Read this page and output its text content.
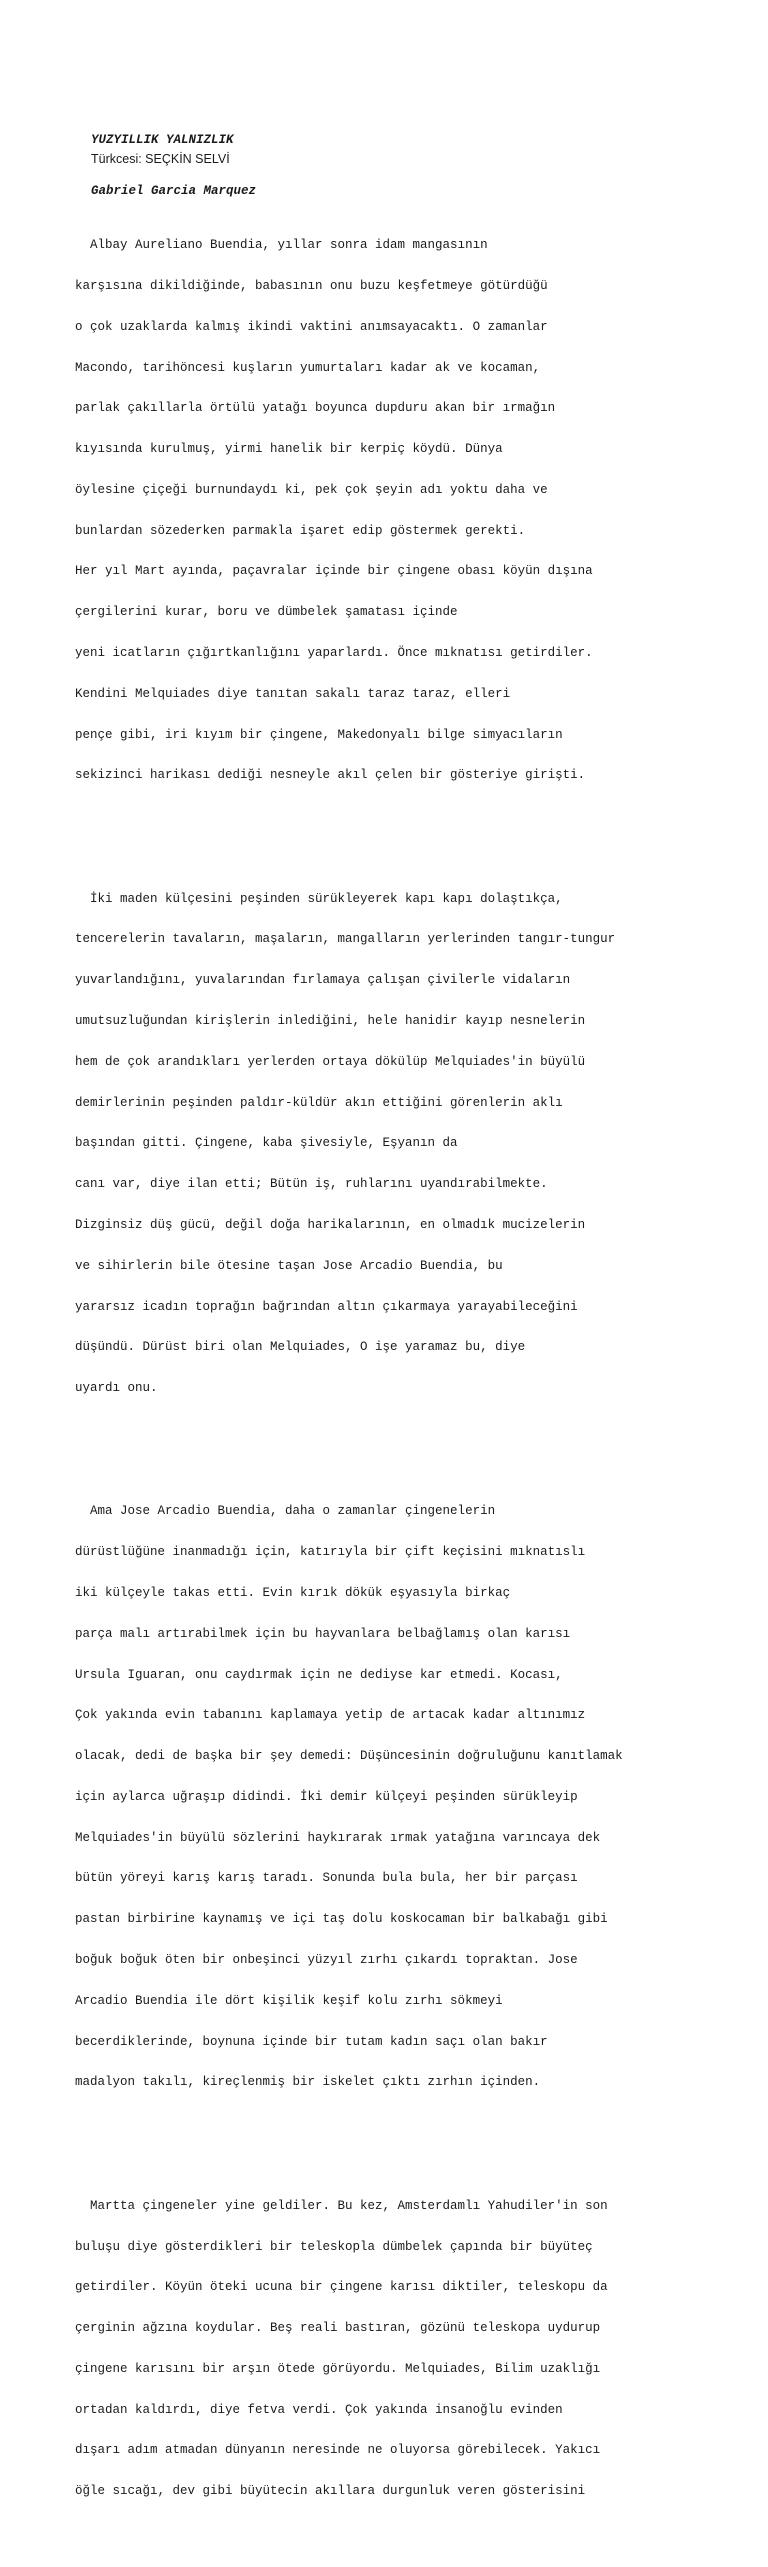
YUZYILLIK YALNIZLIK

Gabriel Garcia Marquez

Türkcesi: SEÇKİN SELVİ

Albay Aureliano Buendia, yıllar sonra idam mangasının

karşısına dikildiğinde, babasının onu buzu keşfetmeye götürdüğü

o çok uzaklarda kalmış ikindi vaktini anımsayacaktı. O zamanlar

Macondo, tarihöncesi kuşların yumurtaları kadar ak ve kocaman,

parlak çakıllarla örtülü yatağı boyunca dupduru akan bir ırmağın

kıyısında kurulmuş, yirmi hanelik bir kerpiç köydü. Dünya

öylesine çiçeği burnundaydı ki, pek çok şeyin adı yoktu daha ve

bunlardan sözederken parmakla işaret edip göstermek gerekti.

Her yıl Mart ayında, paçavralar içinde bir çingene obası köyün dışına

çergilerini kurar, boru ve dümbelek şamatası içinde

yeni icatların çığırtkanlığını yaparlardı. Önce mıknatısı getirdiler.

Kendini Melquiades diye tanıtan sakalı taraz taraz, elleri

pençe gibi, iri kıyım bir çingene, Makedonyalı bilge simyacıların

sekizinci harikası dediği nesneyle akıl çelen bir gösteriye girişti.

İki maden külçesini peşinden sürükleyerek kapı kapı dolaştıkça,

tencerelerin tavaların, maşaların, mangalların yerlerinden tangır-tungur

yuvarlandığını, yuvalarından fırlamaya çalışan çivilerle vidaların

umutsuzluğundan kirişlerin inlediğini, hele hanidir kayıp nesnelerin

hem de çok arandıkları yerlerden ortaya dökülüp Melquiades'in büyülü

demirlerinin peşinden paldır-küldür akın ettiğini görenlerin aklı

başından gitti. Çingene, kaba şivesiyle, Eşyanın da

canı var, diye ilan etti; Bütün iş, ruhlarını uyandırabilmekte.

Dizginsiz düş gücü, değil doğa harikalarının, en olmadık mucizelerin

ve sihirlerin bile ötesine taşan Jose Arcadio Buendia, bu

yararsız icadın toprağın bağrından altın çıkarmaya yarayabileceğini

düşündü. Dürüst biri olan Melquiades, O işe yaramaz bu, diye

uyardı onu.

Ama Jose Arcadio Buendia, daha o zamanlar çingenelerin

dürüstlüğüne inanmadığı için, katırıyla bir çift keçisini mıknatıslı

iki külçeyle takas etti. Evin kırık dökük eşyasıyla birkaç

parça malı artırabilmek için bu hayvanlara belbağlamış olan karısı

Ursula Iguaran, onu caydırmak için ne dediyse kar etmedi. Kocası,

Çok yakında evin tabanını kaplamaya yetip de artacak kadar altınımız

olacak, dedi de başka bir şey demedi: Düşüncesinin doğruluğunu kanıtlamak

için aylarca uğraşıp didindi. İki demir külçeyi peşinden sürükleyip

Melquiades'in büyülü sözlerini haykırarak ırmak yatağına varıncaya dek

bütün yöreyi karış karış taradı. Sonunda bula bula, her bir parçası

pastan birbirine kaynamış ve içi taş dolu koskocaman bir balkabağı gibi

boğuk boğuk öten bir onbeşinci yüzyıl zırhı çıkardı topraktan. Jose

Arcadio Buendia ile dört kişilik keşif kolu zırhı sökmeyi

becerdiklerinde, boynuna içinde bir tutam kadın saçı olan bakır

madalyon takılı, kireçlenmiş bir iskelet çıktı zırhın içinden.

Martta çingeneler yine geldiler. Bu kez, Amsterdamlı Yahudiler'in son

buluşu diye gösterdikleri bir teleskopla dümbelek çapında bir büyüteç

getirdiler. Köyün öteki ucuna bir çingene karısı diktiler, teleskopu da

çerginin ağzına koydular. Beş reali bastıran, gözünü teleskopa uydurup

çingene karısını bir arşın ötede görüyordu. Melquiades, Bilim uzaklığı

ortadan kaldırdı, diye fetva verdi. Çok yakında insanoğlu evinden

dışarı adım atmadan dünyanın neresinde ne oluyorsa görebilecek. Yakıcı

öğle sıcağı, dev gibi büyütecin akıllara durgunluk veren gösterisini
